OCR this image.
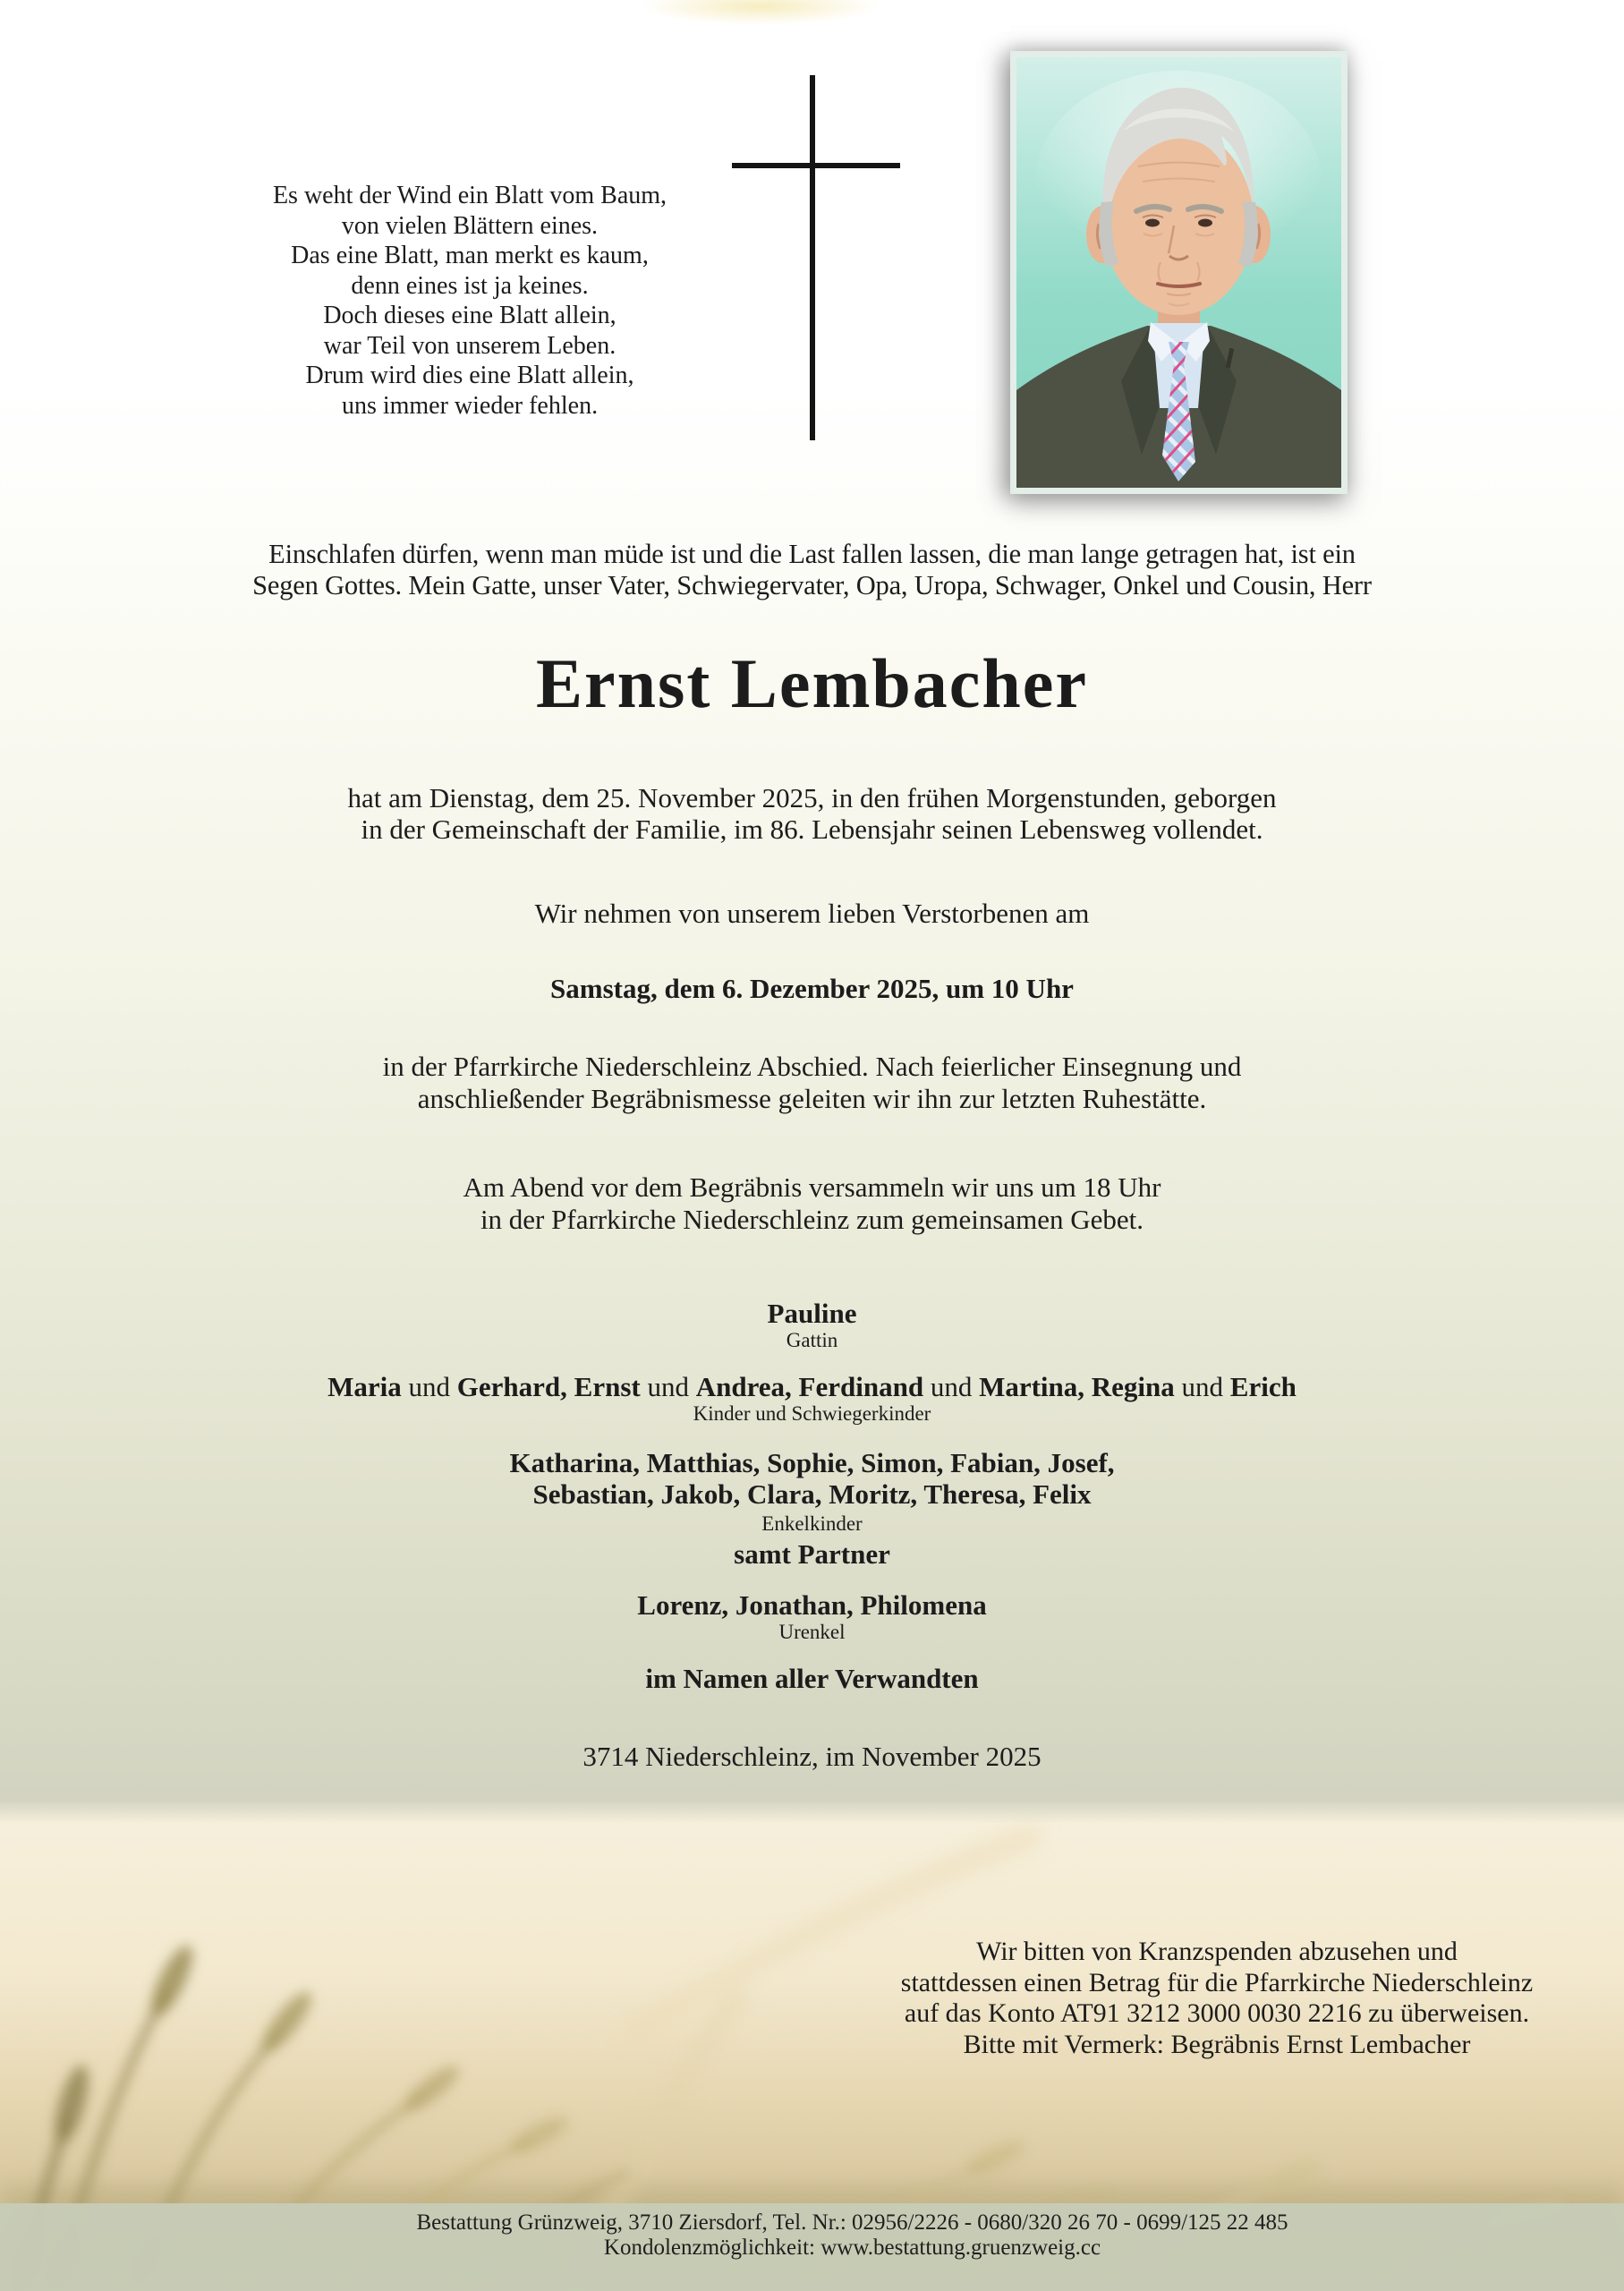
Es weht der Wind ein Blatt vom Baum,
von vielen Blättern eines.
Das eine Blatt, man merkt es kaum,
denn eines ist ja keines.
Doch dieses eine Blatt allein,
war Teil von unserem Leben.
Drum wird dies eine Blatt allein,
uns immer wieder fehlen.
Einschlafen dürfen, wenn man müde ist und die Last fallen lassen, die man lange getragen hat, ist ein
Segen Gottes. Mein Gatte, unser Vater, Schwiegervater, Opa, Uropa, Schwager, Onkel und Cousin, Herr
Ernst Lembacher
hat am Dienstag, dem 25. November 2025, in den frühen Morgenstunden, geborgen
in der Gemeinschaft der Familie, im 86. Lebensjahr seinen Lebensweg vollendet.
Wir nehmen von unserem lieben Verstorbenen am
Samstag, dem 6. Dezember 2025, um 10 Uhr
in der Pfarrkirche Niederschleinz Abschied. Nach feierlicher Einsegnung und
anschließender Begräbnismesse geleiten wir ihn zur letzten Ruhestätte.
Am Abend vor dem Begräbnis versammeln wir uns um 18 Uhr
in der Pfarrkirche Niederschleinz zum gemeinsamen Gebet.
Pauline
Gattin
Maria und Gerhard, Ernst und Andrea, Ferdinand und Martina, Regina und Erich
Kinder und Schwiegerkinder
Katharina, Matthias, Sophie, Simon, Fabian, Josef,
Sebastian, Jakob, Clara, Moritz, Theresa, Felix
Enkelkinder
samt Partner
Lorenz, Jonathan, Philomena
Urenkel
im Namen aller Verwandten
3714 Niederschleinz, im November 2025
Wir bitten von Kranzspenden abzusehen und
stattdessen einen Betrag für die Pfarrkirche Niederschleinz
auf das Konto AT91 3212 3000 0030 2216 zu überweisen.
Bitte mit Vermerk: Begräbnis Ernst Lembacher
Bestattung Grünzweig, 3710 Ziersdorf, Tel. Nr.: 02956/2226 - 0680/320 26 70 - 0699/125 22 485
Kondolenzmöglichkeit: www.bestattung.gruenzweig.cc
